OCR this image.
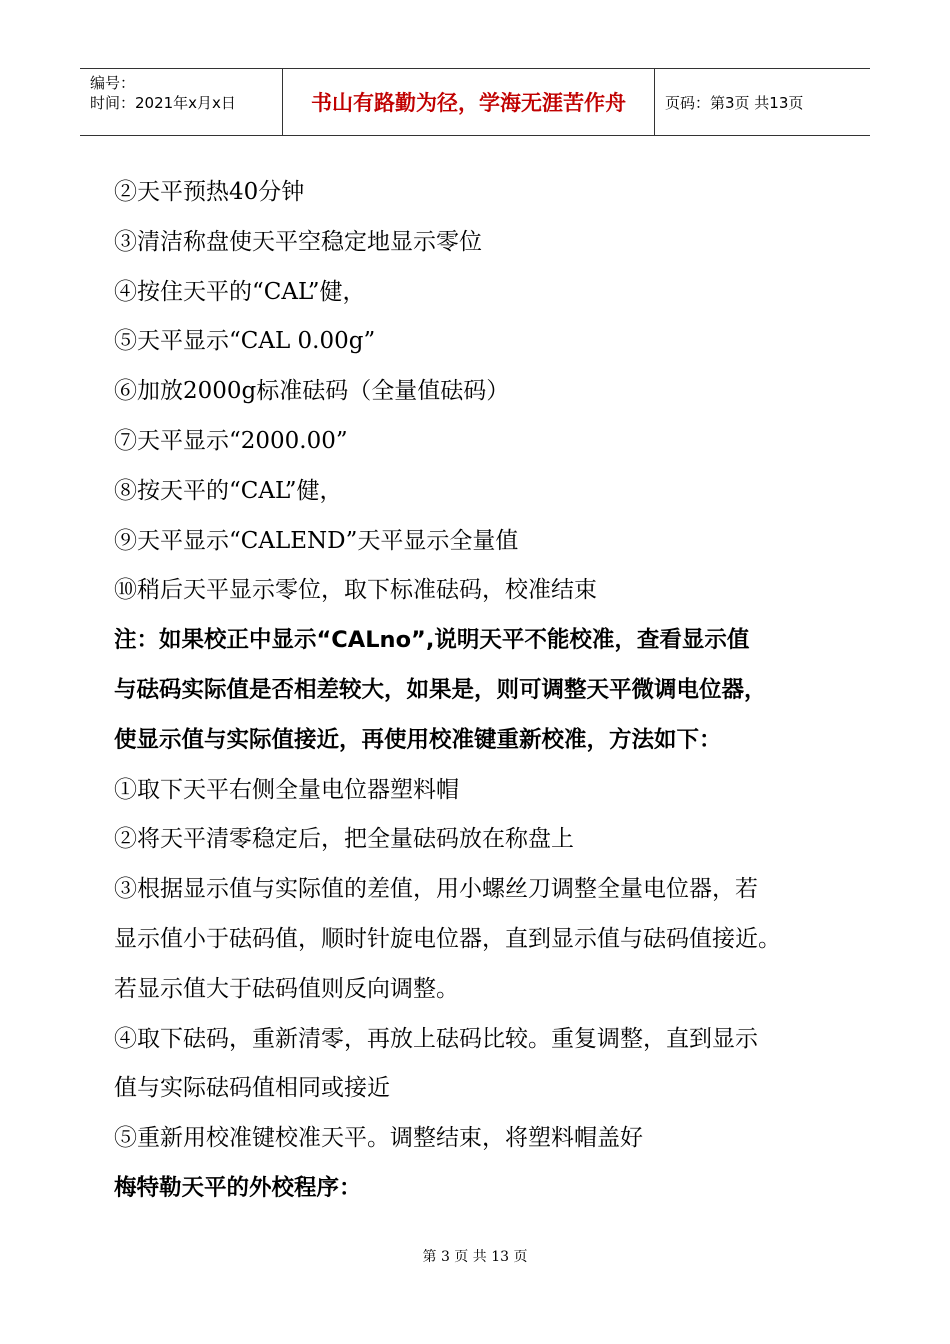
编号：
时间：2021年x月x日	书山有路勤为径，学海无涯苦作舟	页码：第3页 共13页
②天平预热40分钟
③清洁称盘使天平空稳定地显示零位
④按住天平的“CAL”健，
⑤天平显示“CAL 0.00g”
⑥加放2000g标准砝码（全量值砝码）
⑦天平显示“2000.00”
⑧按天平的“CAL”健，
⑨天平显示“CALEND”天平显示全量值
⑩稍后天平显示零位，取下标准砝码，校准结束
注：如果校正中显示“CALno”,说明天平不能校准，查看显示值
与砝码实际值是否相差较大，如果是，则可调整天平微调电位器，
使显示值与实际值接近，再使用校准键重新校准，方法如下：
①取下天平右侧全量电位器塑料帽
②将天平清零稳定后，把全量砝码放在称盘上
③根据显示值与实际值的差值，用小螺丝刀调整全量电位器，若
显示值小于砝码值，顺时针旋电位器，直到显示值与砝码值接近。
若显示值大于砝码值则反向调整。
④取下砝码，重新清零，再放上砝码比较。重复调整，直到显示
值与实际砝码值相同或接近
⑤重新用校准键校准天平。调整结束，将塑料帽盖好
梅特勒天平的外校程序：
第 3 页 共 13 页
